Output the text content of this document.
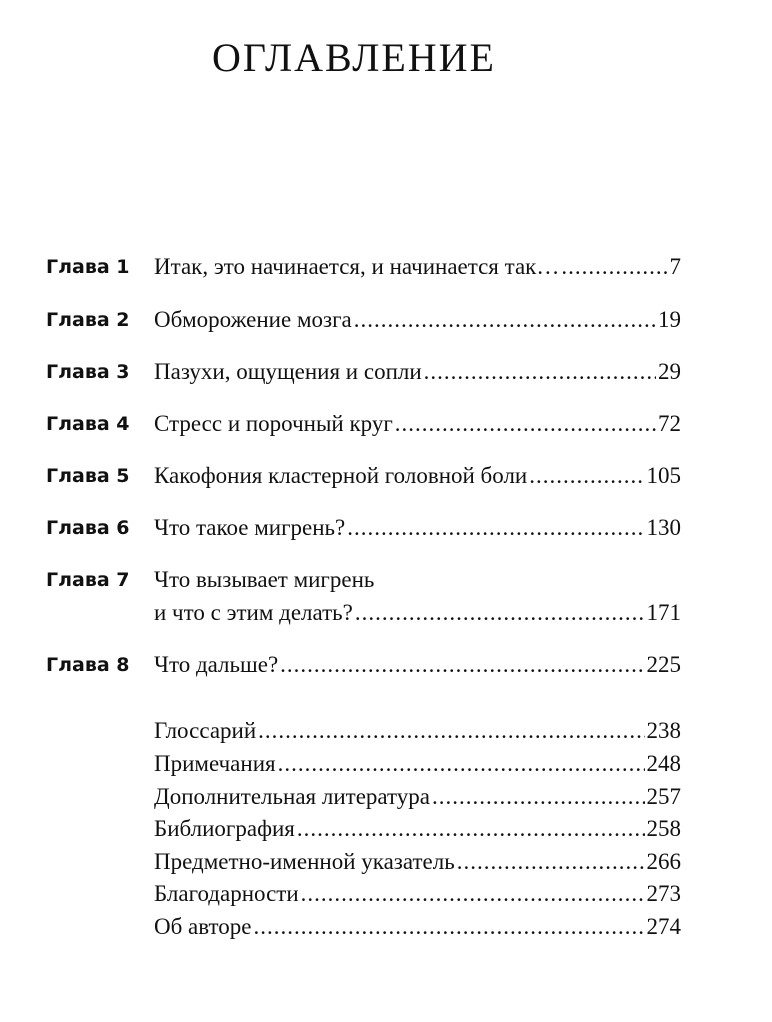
ОГЛАВЛЕНИЕ
Глава 1 Итак, это начинается, и начинается так… .....	7
Глава 2 Обморожение мозга .....	19
Глава 3 Пазухи, ощущения и сопли .....	29
Глава 4 Стресс и порочный круг .....	72
Глава 5 Какофония кластерной головной боли .....	105
Глава 6 Что такое мигрень? .....	130
Глава 7 Что вызывает мигрень
и что с этим делать? .....	171
Глава 8 Что дальше? .....	225
Глоссарий .....	238
Примечания .....	248
Дополнительная литература .....	257
Библиография .....	258
Предметно-именной указатель .....	266
Благодарности .....	273
Об авторе .....	274
